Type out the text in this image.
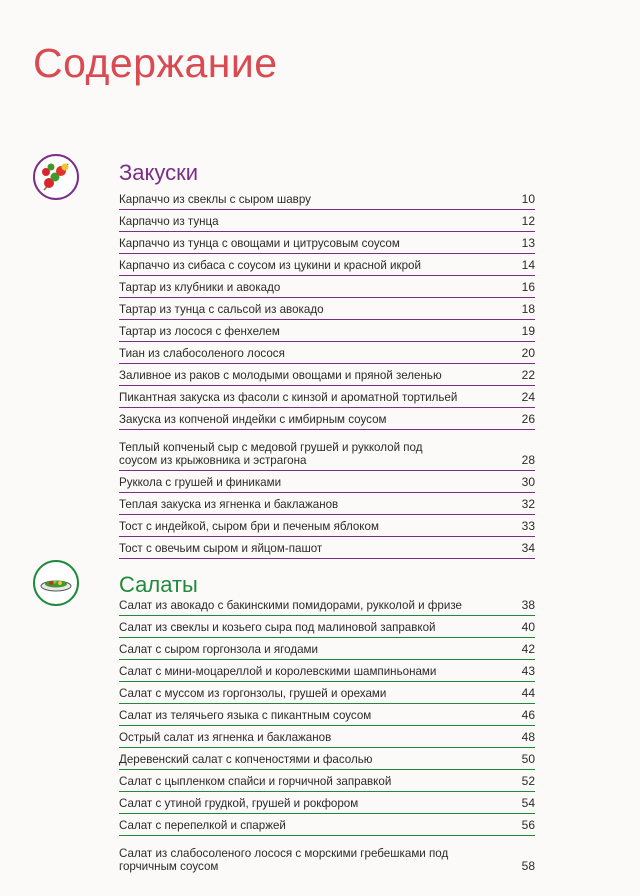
Содержание
Закуски
Карпаччо из свеклы с сыром шавру	10
Карпаччо из тунца	12
Карпаччо из тунца с овощами и цитрусовым соусом	13
Карпаччо из сибаса с соусом из цукини и красной икрой	14
Тартар из клубники и авокадо	16
Тартар из тунца с сальсой из авокадо	18
Тартар из лосося с фенхелем	19
Тиан из слабосоленого лосося	20
Заливное из раков с молодыми овощами и пряной зеленью	22
Пикантная закуска из фасоли с кинзой и ароматной тортильей	24
Закуска из копченой индейки с имбирным соусом	26
Теплый копченый сыр с медовой грушей и рукколой под соусом из крыжовника и эстрагона	28
Руккола с грушей и финиками	30
Теплая закуска из ягненка и баклажанов	32
Тост с индейкой, сыром бри и печеным яблоком	33
Тост с овечьим сыром и яйцом-пашот	34
Салаты
Салат из авокадо с бакинскими помидорами, рукколой и фризе	38
Салат из свеклы и козьего сыра под малиновой заправкой	40
Салат с сыром горгонзола и ягодами	42
Салат с мини-моцареллой и королевскими шампиньонами	43
Салат с муссом из горгонзолы, грушей и орехами	44
Салат из телячьего языка с пикантным соусом	46
Острый салат из ягненка и баклажанов	48
Деревенский салат с копченостями и фасолью	50
Салат с цыпленком спайси и горчичной заправкой	52
Салат с утиной грудкой, грушей и рокфором	54
Салат с перепелкой и спаржей	56
Салат из слабосоленого лосося с морскими гребешками под горчичным соусом	58
